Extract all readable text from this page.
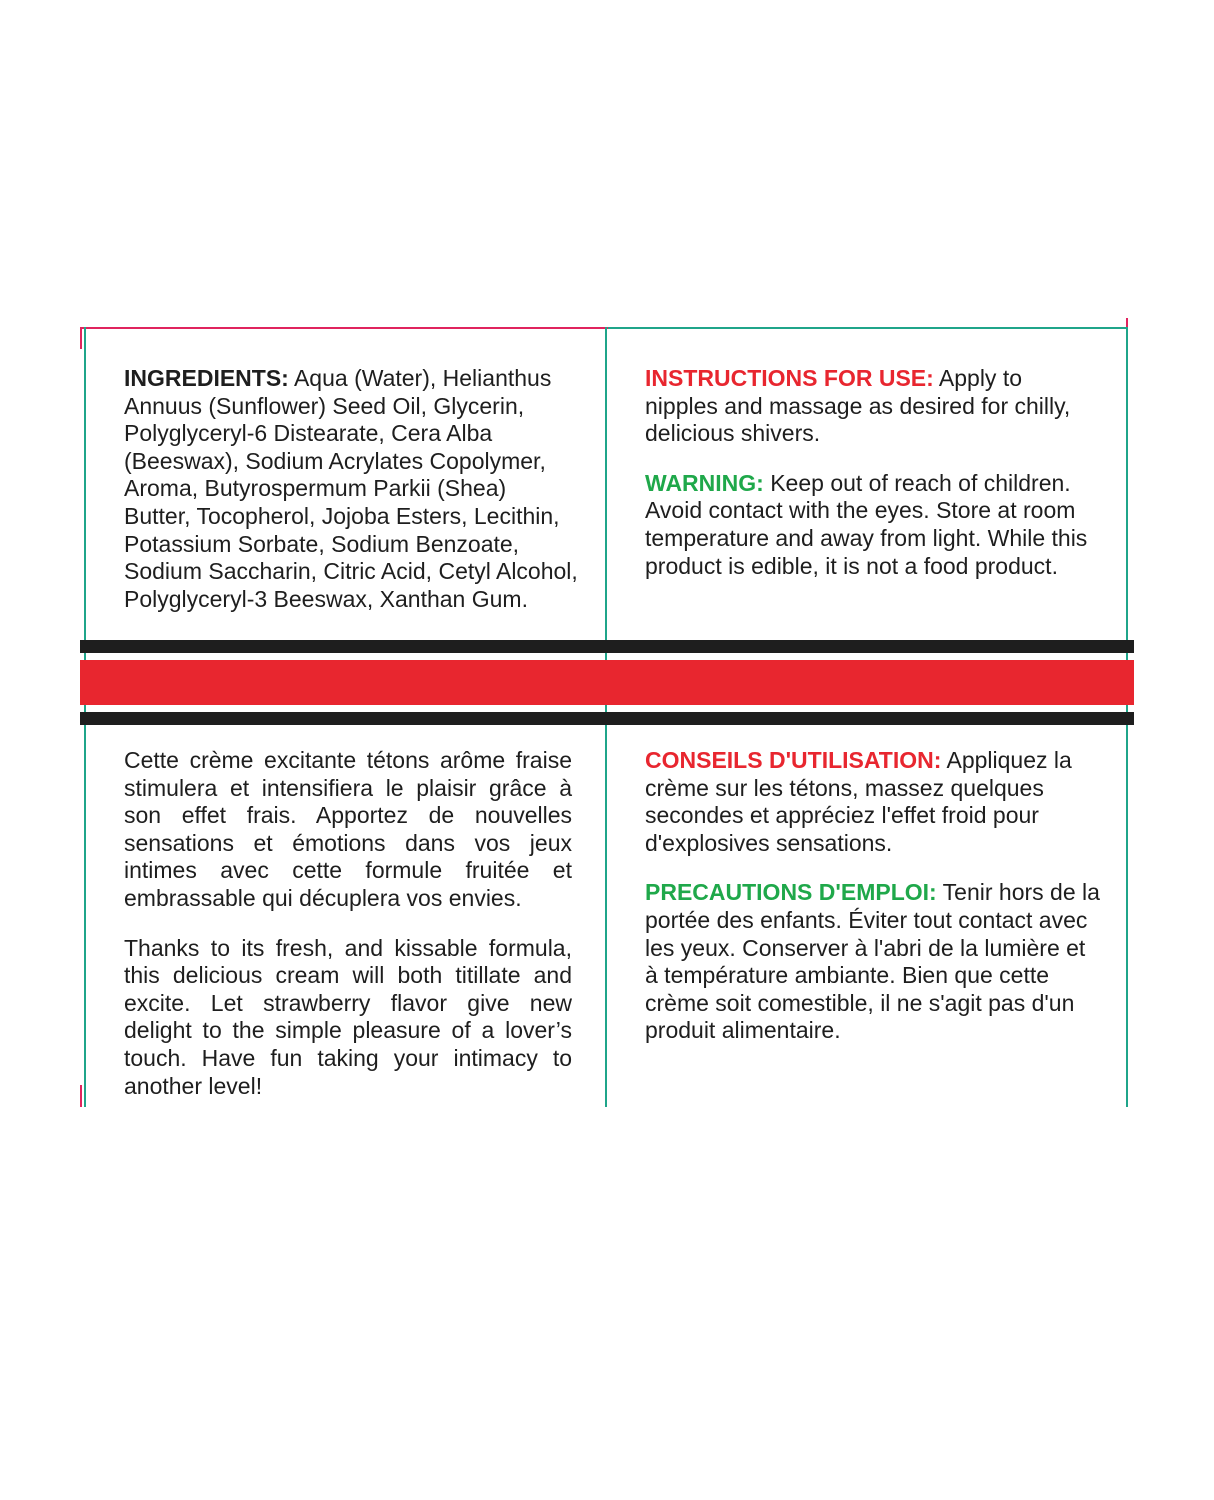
INGREDIENTS: Aqua (Water), Helianthus Annuus (Sunflower) Seed Oil, Glycerin, Polyglyceryl-6 Distearate, Cera Alba (Beeswax), Sodium Acrylates Copolymer, Aroma, Butyrospermum Parkii (Shea) Butter, Tocopherol, Jojoba Esters, Lecithin, Potassium Sorbate, Sodium Benzoate, Sodium Saccharin, Citric Acid, Cetyl Alcohol, Polyglyceryl-3 Beeswax, Xanthan Gum.

INSTRUCTIONS FOR USE: Apply to nipples and massage as desired for chilly, delicious shivers.

WARNING: Keep out of reach of children. Avoid contact with the eyes. Store at room temperature and away from light. While this product is edible, it is not a food product.

Cette crème excitante tétons arôme fraise stimulera et intensifiera le plaisir grâce à son effet frais. Apportez de nouvelles sensations et émotions dans vos jeux intimes avec cette formule fruitée et embrassable qui décuplera vos envies.

Thanks to its fresh, and kissable formula, this delicious cream will both titillate and excite. Let strawberry flavor give new delight to the simple pleasure of a lover’s touch. Have fun taking your intimacy to another level!

CONSEILS D'UTILISATION: Appliquez la crème sur les tétons, massez quelques secondes et appréciez l'effet froid pour d'explosives sensations.

PRECAUTIONS D'EMPLOI: Tenir hors de la portée des enfants. Éviter tout contact avec les yeux. Conserver à l'abri de la lumière et à température ambiante. Bien que cette crème soit comestible, il ne s'agit pas d'un produit alimentaire.
